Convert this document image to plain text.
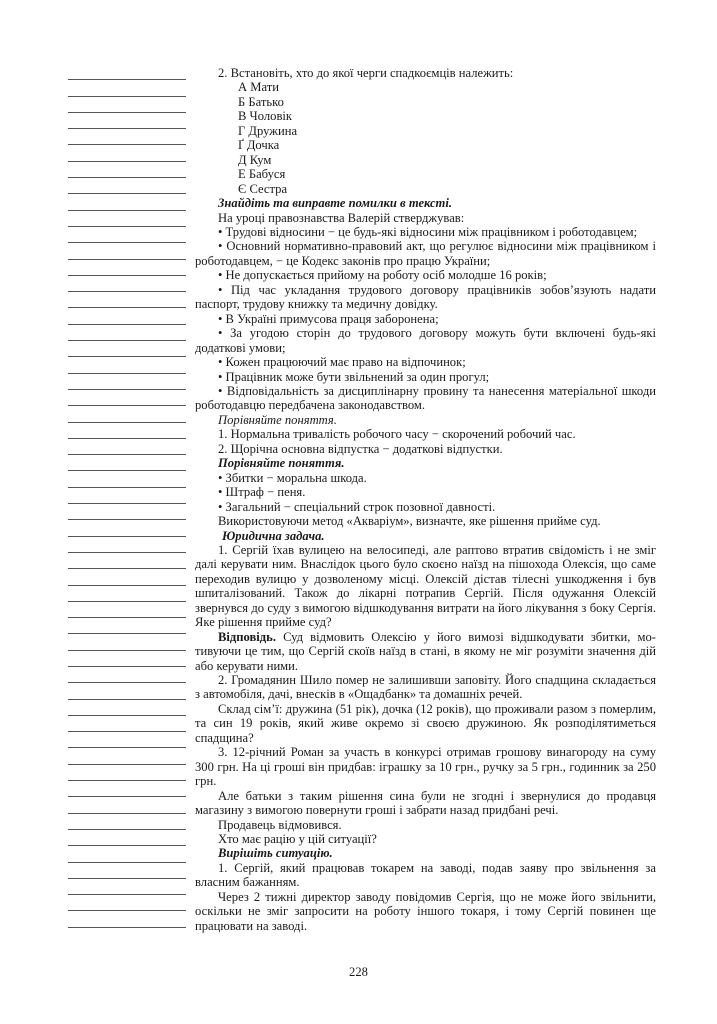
2. Встановіть, хто до якої черги спадкоємців належить:

А Мати

Б Батько

В Чоловік

Г Дружина

Ґ Дочка

Д Кум

Е Бабуся

Є Сестра

Знайдіть та виправте помилки в тексті.

На уроці правознавства Валерій стверджував:

• Трудові відносини − це будь-які відносини між працівником і роботодавцем;

• Основний нормативно-правовий акт, що регулює відносини між працівником і роботодавцем, − це Кодекс законів про працю України;

• Не допускається прийому на роботу осіб молодше 16 років;

• Під час укладання трудового договору працівників зобов’язують надати паспорт, трудову книжку та медичну довідку.

• В Україні примусова праця заборонена;

• За угодою сторін до трудового договору можуть бути включені будь-які додаткові умови;

• Кожен працюючий має право на відпочинок;

• Працівник може бути звільнений за один прогул;

• Відповідальність за дисциплінарну провину та нанесення матеріальної шкоди роботодавцю передбачена законодавством.

Порівняйте поняття.

1. Нормальна тривалість робочого часу − скорочений робочий час.

2. Щорічна основна відпустка − додаткові відпустки.

Порівняйте поняття.

• Збитки − моральна шкода.

• Штраф − пеня.

• Загальний − спеціальний строк позовної давності.

Використовуючи метод «Акваріум», визначте, яке рішення прийме суд.

Юридична задача.

1. Сергій їхав вулицею на велосипеді, але раптово втратив свідомість і не зміг далі керувати ним. Внаслідок цього було скоєно наїзд на пішохода Олексія, що саме переходив вулицю у дозволеному місці. Олексій дістав тілесні ушкодження і був шпиталізований. Також до лікарні потрапив Сергій. Після одужання Олексій звернувся до суду з вимогою відшкодування витрати на його лікування з боку Сергія. Яке рішення прийме суд?

Відповідь. Суд відмовить Олексію у його вимозі відшкодувати збитки, мотивуючи це тим, що Сергій скоїв наїзд в стані, в якому не міг розуміти значення дій або керувати ними.

2. Громадянин Шило помер не залишивши заповіту. Його спадщина складається з автомобіля, дачі, внесків в «Ощадбанк» та домашніх речей.

Склад сім’ї: дружина (51 рік), дочка (12 років), що проживали разом з померлим, та син 19 років, який живе окремо зі своєю дружиною. Як розподілятиметься спадщина?

3. 12-річний Роман за участь в конкурсі отримав грошову винагороду на суму 300 грн. На ці гроші він придбав: іграшку за 10 грн., ручку за 5 грн., годинник за 250 грн.

Але батьки з таким рішення сина були не згодні і звернулися до продавця магазину з вимогою повернути гроші і забрати назад придбані речі.

Продавець відмовився.

Хто має рацію у цій ситуації?

Вирішіть ситуацію.

1. Сергій, який працював токарем на заводі, подав заяву про звільнення за власним бажанням.

Через 2 тижні директор заводу повідомив Сергія, що не може його звільнити, оскільки не зміг запросити на роботу іншого токаря, і тому Сергій повинен ще працювати на заводі.

228
